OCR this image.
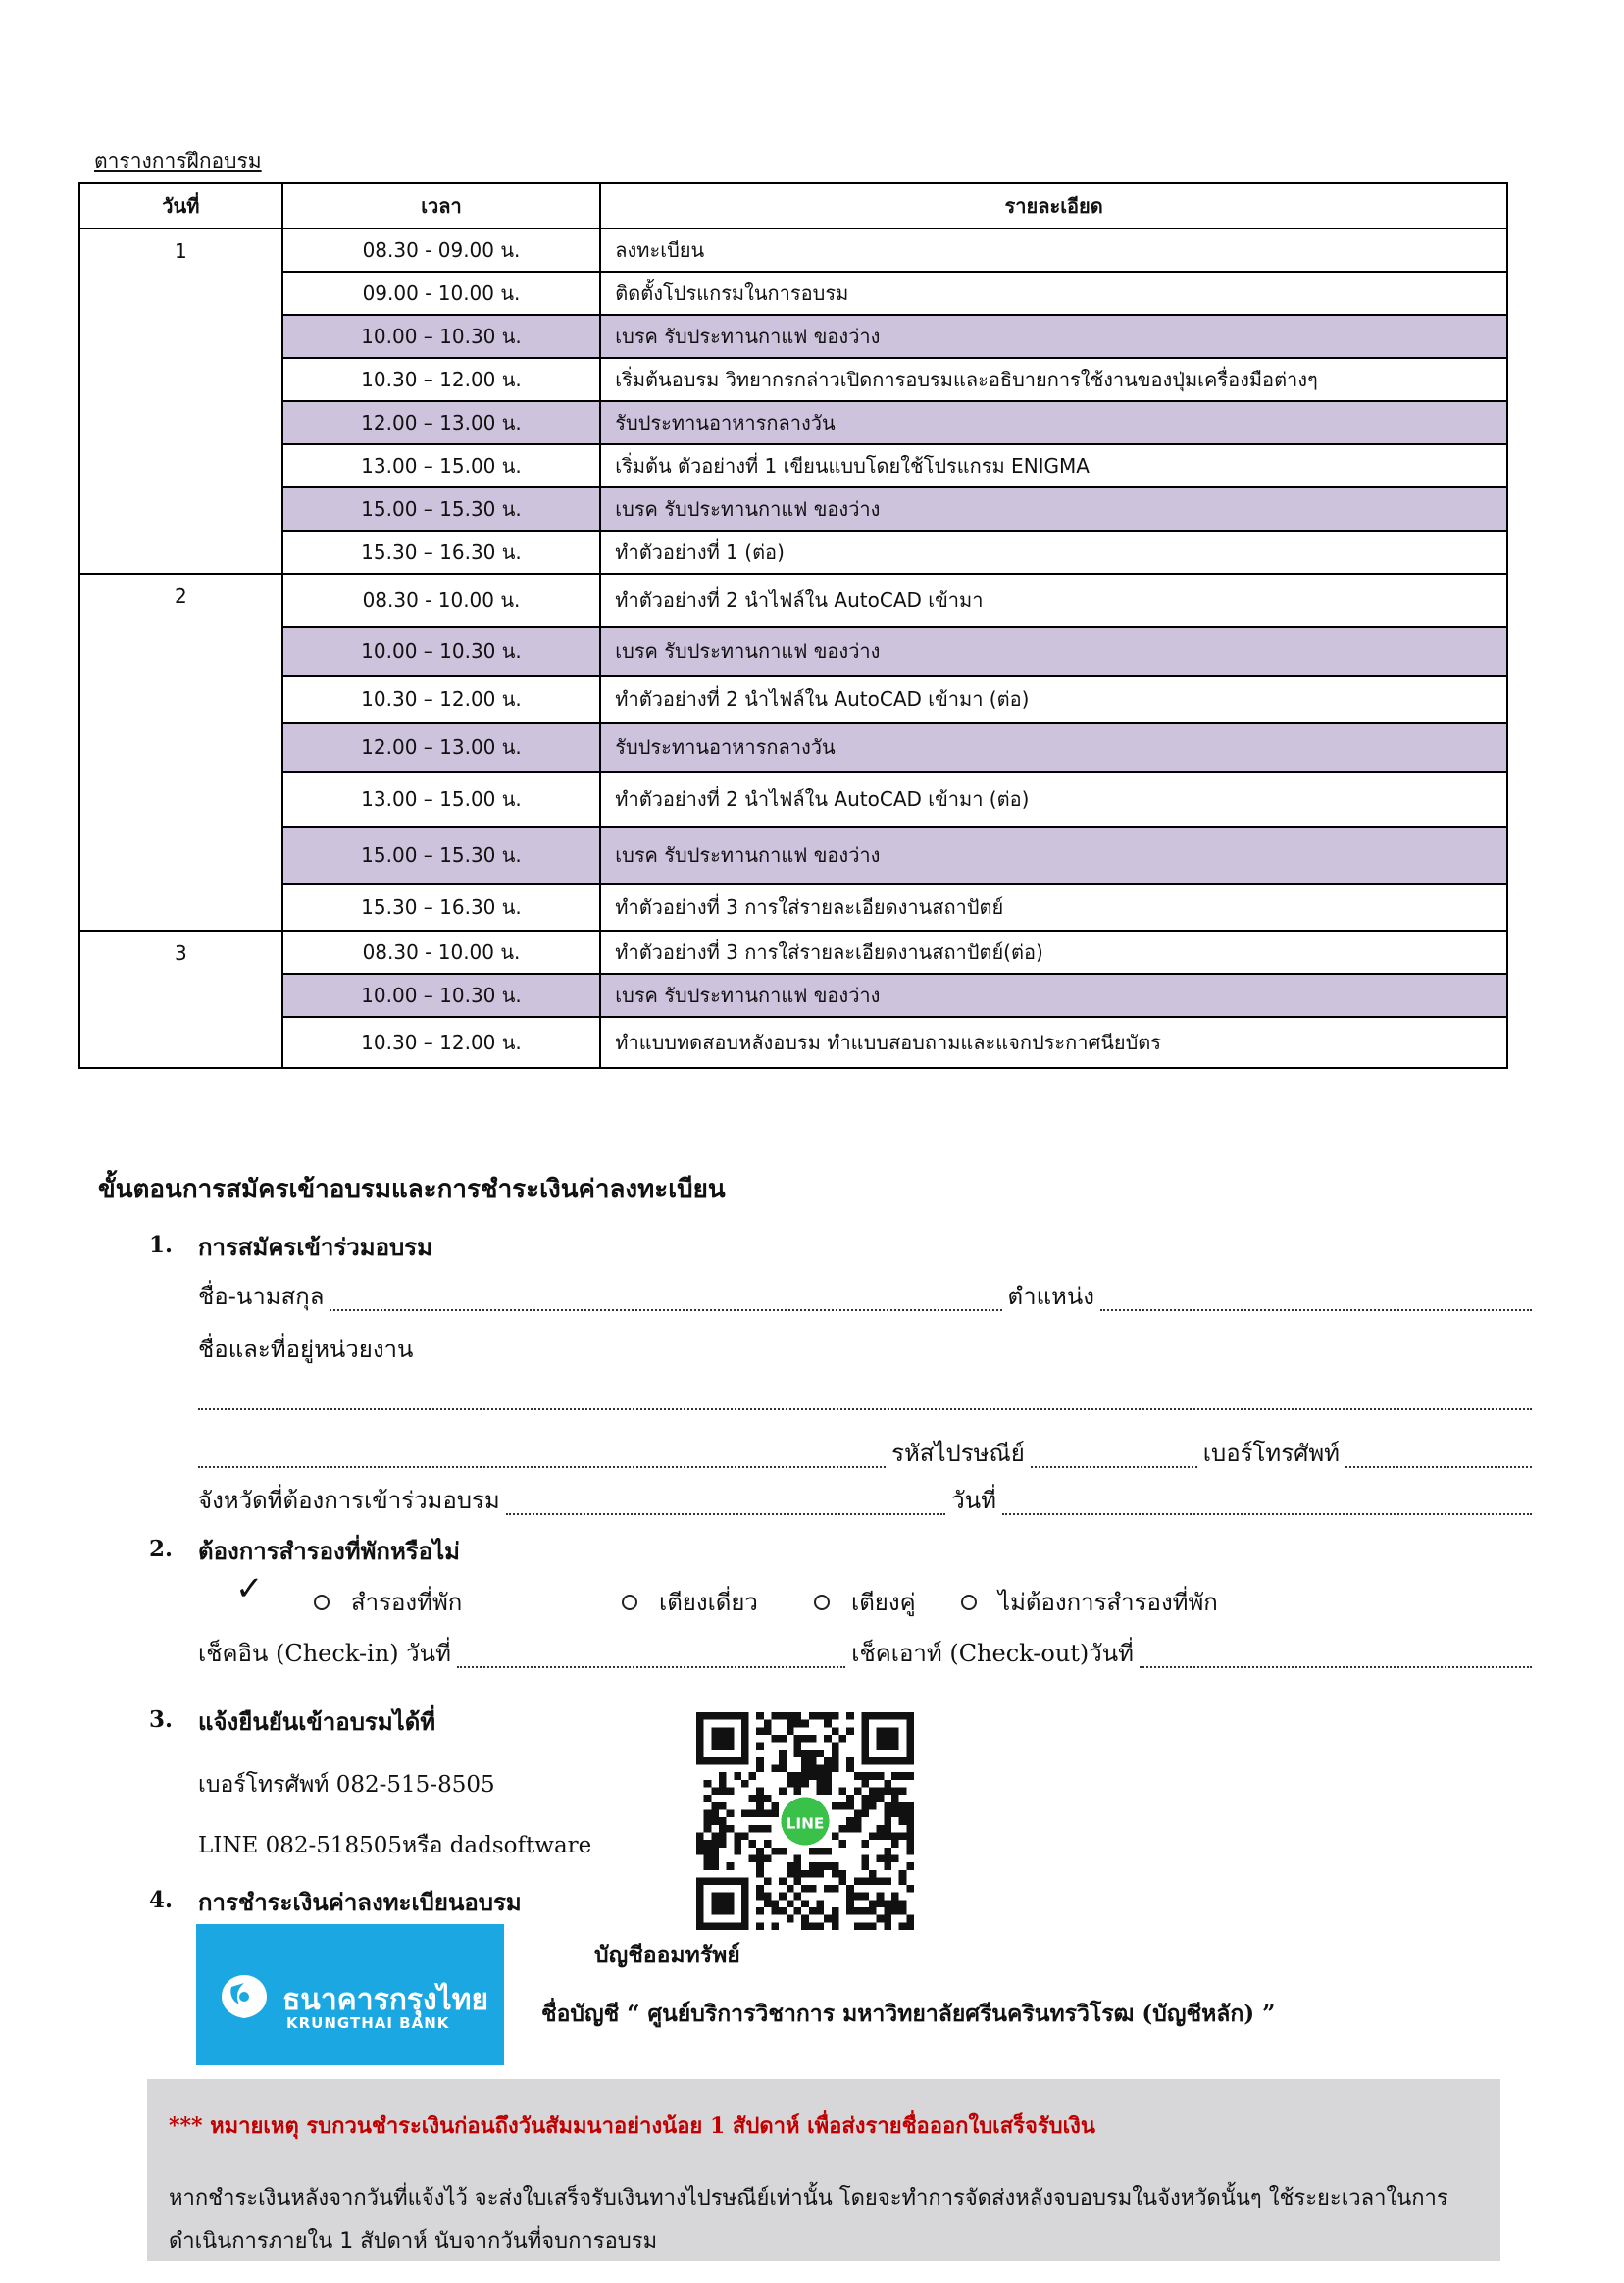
ตารางการฝึกอบรม
วันที่	เวลา	รายละเอียด
1	08.30 - 09.00 น.	ลงทะเบียน
	09.00 - 10.00 น.	ติดตั้งโปรแกรมในการอบรม
	10.00 – 10.30 น.	เบรค รับประทานกาแฟ ของว่าง
	10.30 – 12.00 น.	เริ่มต้นอบรม วิทยากรกล่าวเปิดการอบรมและอธิบายการใช้งานของปุ่มเครื่องมือต่างๆ
	12.00 – 13.00 น.	รับประทานอาหารกลางวัน
	13.00 – 15.00 น.	เริ่มต้น ตัวอย่างที่ 1 เขียนแบบโดยใช้โปรแกรม ENIGMA
	15.00 – 15.30 น.	เบรค รับประทานกาแฟ ของว่าง
	15.30 – 16.30 น.	ทำตัวอย่างที่ 1 (ต่อ)
2	08.30 - 10.00 น.	ทำตัวอย่างที่ 2 นำไฟล์ใน AutoCAD เข้ามา
	10.00 – 10.30 น.	เบรค รับประทานกาแฟ ของว่าง
	10.30 – 12.00 น.	ทำตัวอย่างที่ 2 นำไฟล์ใน AutoCAD เข้ามา (ต่อ)
	12.00 – 13.00 น.	รับประทานอาหารกลางวัน
	13.00 – 15.00 น.	ทำตัวอย่างที่ 2 นำไฟล์ใน AutoCAD เข้ามา (ต่อ)
	15.00 – 15.30 น.	เบรค รับประทานกาแฟ ของว่าง
	15.30 – 16.30 น.	ทำตัวอย่างที่ 3 การใส่รายละเอียดงานสถาปัตย์
3	08.30 - 10.00 น.	ทำตัวอย่างที่ 3 การใส่รายละเอียดงานสถาปัตย์(ต่อ)
	10.00 – 10.30 น.	เบรค รับประทานกาแฟ ของว่าง
	10.30 – 12.00 น.	ทำแบบทดสอบหลังอบรม ทำแบบสอบถามและแจกประกาศนียบัตร
ขั้นตอนการสมัครเข้าอบรมและการชำระเงินค่าลงทะเบียน
1. การสมัครเข้าร่วมอบรม
ชื่อ-นามสกุล	ตำแหน่ง
ชื่อและที่อยู่หน่วยงาน
รหัสไปรษณีย์	เบอร์โทรศัพท์
จังหวัดที่ต้องการเข้าร่วมอบรม	วันที่
2. ต้องการสำรองที่พักหรือไม่
✓	สำรองที่พัก	เตียงเดี่ยว	เตียงคู่	ไม่ต้องการสำรองที่พัก
เช็คอิน (Check-in) วันที่	เช็คเอาท์ (Check-out)วันที่
3. แจ้งยืนยันเข้าอบรมได้ที่
เบอร์โทรศัพท์ 082-515-8505
LINE 082-518505หรือ dadsoftware
LINE
4. การชำระเงินค่าลงทะเบียนอบรม
ธนาคารกรุงไทย
KRUNGTHAI BANK
บัญชีออมทรัพย์
ชื่อบัญชี “ ศูนย์บริการวิชาการ มหาวิทยาลัยศรีนครินทรวิโรฒ (บัญชีหลัก) ”
*** หมายเหตุ รบกวนชำระเงินก่อนถึงวันสัมมนาอย่างน้อย 1 สัปดาห์ เพื่อส่งรายชื่อออกใบเสร็จรับเงิน
หากชำระเงินหลังจากวันที่แจ้งไว้ จะส่งใบเสร็จรับเงินทางไปรษณีย์เท่านั้น โดยจะทำการจัดส่งหลังจบอบรมในจังหวัดนั้นๆ ใช้ระยะเวลาในการดำเนินการภายใน 1 สัปดาห์ นับจากวันที่จบการอบรม
